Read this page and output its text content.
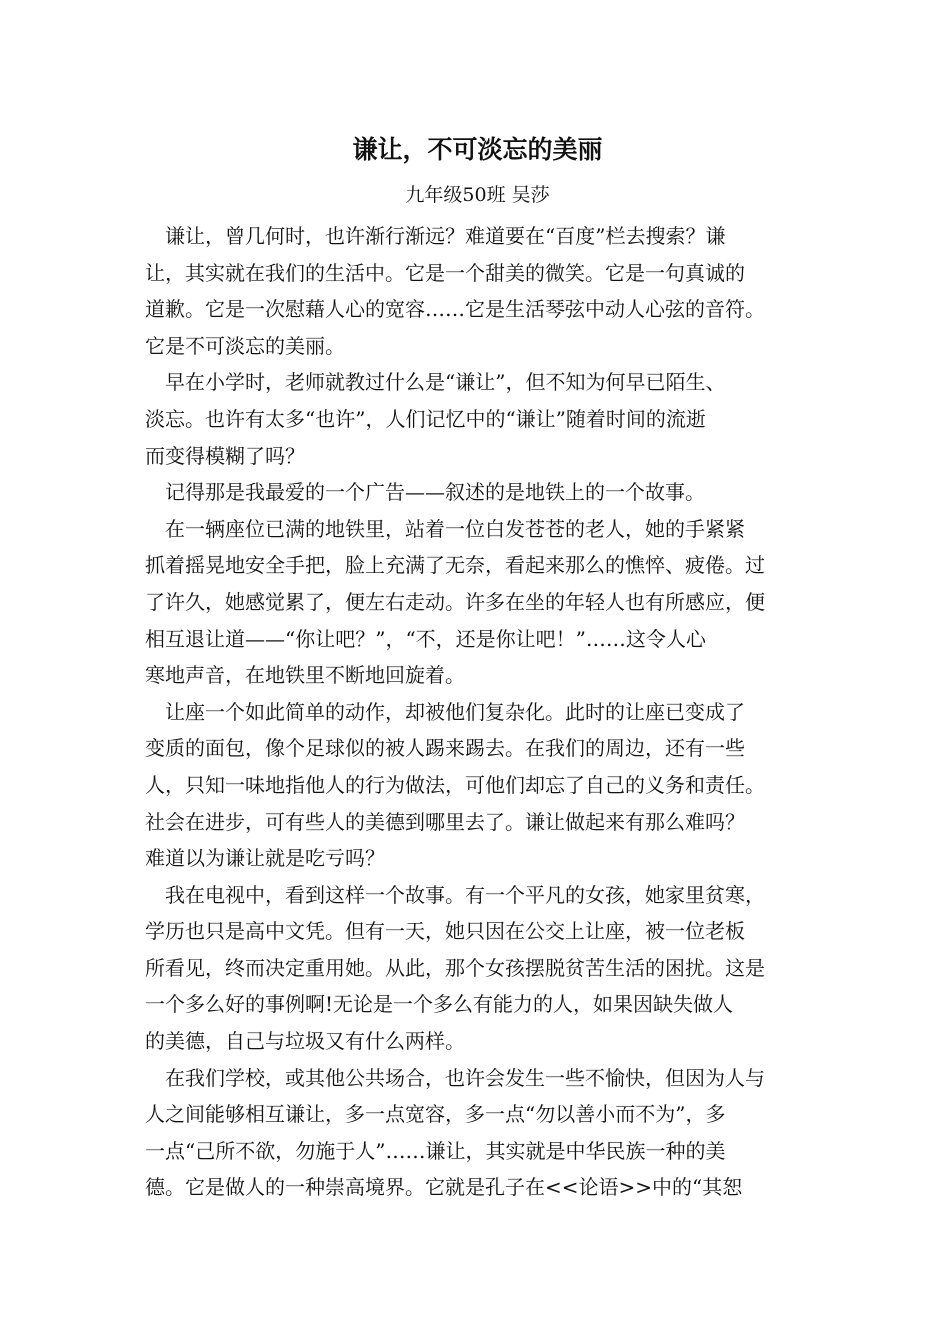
谦让，不可淡忘的美丽

九年级50班 吴莎

谦让，曾几何时，也许渐行渐远？难道要在“百度”栏去搜索？谦
让，其实就在我们的生活中。它是一个甜美的微笑。它是一句真诚的
道歉。它是一次慰藉人心的宽容……它是生活琴弦中动人心弦的音符。
它是不可淡忘的美丽。
早在小学时，老师就教过什么是“谦让”，但不知为何早已陌生、
淡忘。也许有太多“也许”，人们记忆中的“谦让”随着时间的流逝
而变得模糊了吗？
记得那是我最爱的一个广告——叙述的是地铁上的一个故事。
在一辆座位已满的地铁里，站着一位白发苍苍的老人，她的手紧紧
抓着摇晃地安全手把，脸上充满了无奈，看起来那么的憔悴、疲倦。过
了许久，她感觉累了，便左右走动。许多在坐的年轻人也有所感应，便
相互退让道——“你让吧？”，“不，还是你让吧！”……这令人心
寒地声音，在地铁里不断地回旋着。
让座一个如此简单的动作，却被他们复杂化。此时的让座已变成了
变质的面包，像个足球似的被人踢来踢去。在我们的周边，还有一些
人，只知一味地指他人的行为做法，可他们却忘了自己的义务和责任。
社会在进步，可有些人的美德到哪里去了。谦让做起来有那么难吗？
难道以为谦让就是吃亏吗？
我在电视中，看到这样一个故事。有一个平凡的女孩，她家里贫寒，
学历也只是高中文凭。但有一天，她只因在公交上让座，被一位老板
所看见，终而决定重用她。从此，那个女孩摆脱贫苦生活的困扰。这是
一个多么好的事例啊!无论是一个多么有能力的人，如果因缺失做人
的美德，自己与垃圾又有什么两样。
在我们学校，或其他公共场合，也许会发生一些不愉快，但因为人与
人之间能够相互谦让，多一点宽容，多一点“勿以善小而不为”，多
一点“己所不欲，勿施于人”……谦让，其实就是中华民族一种的美
德。它是做人的一种崇高境界。它就是孔子在<<论语>>中的“其恕
